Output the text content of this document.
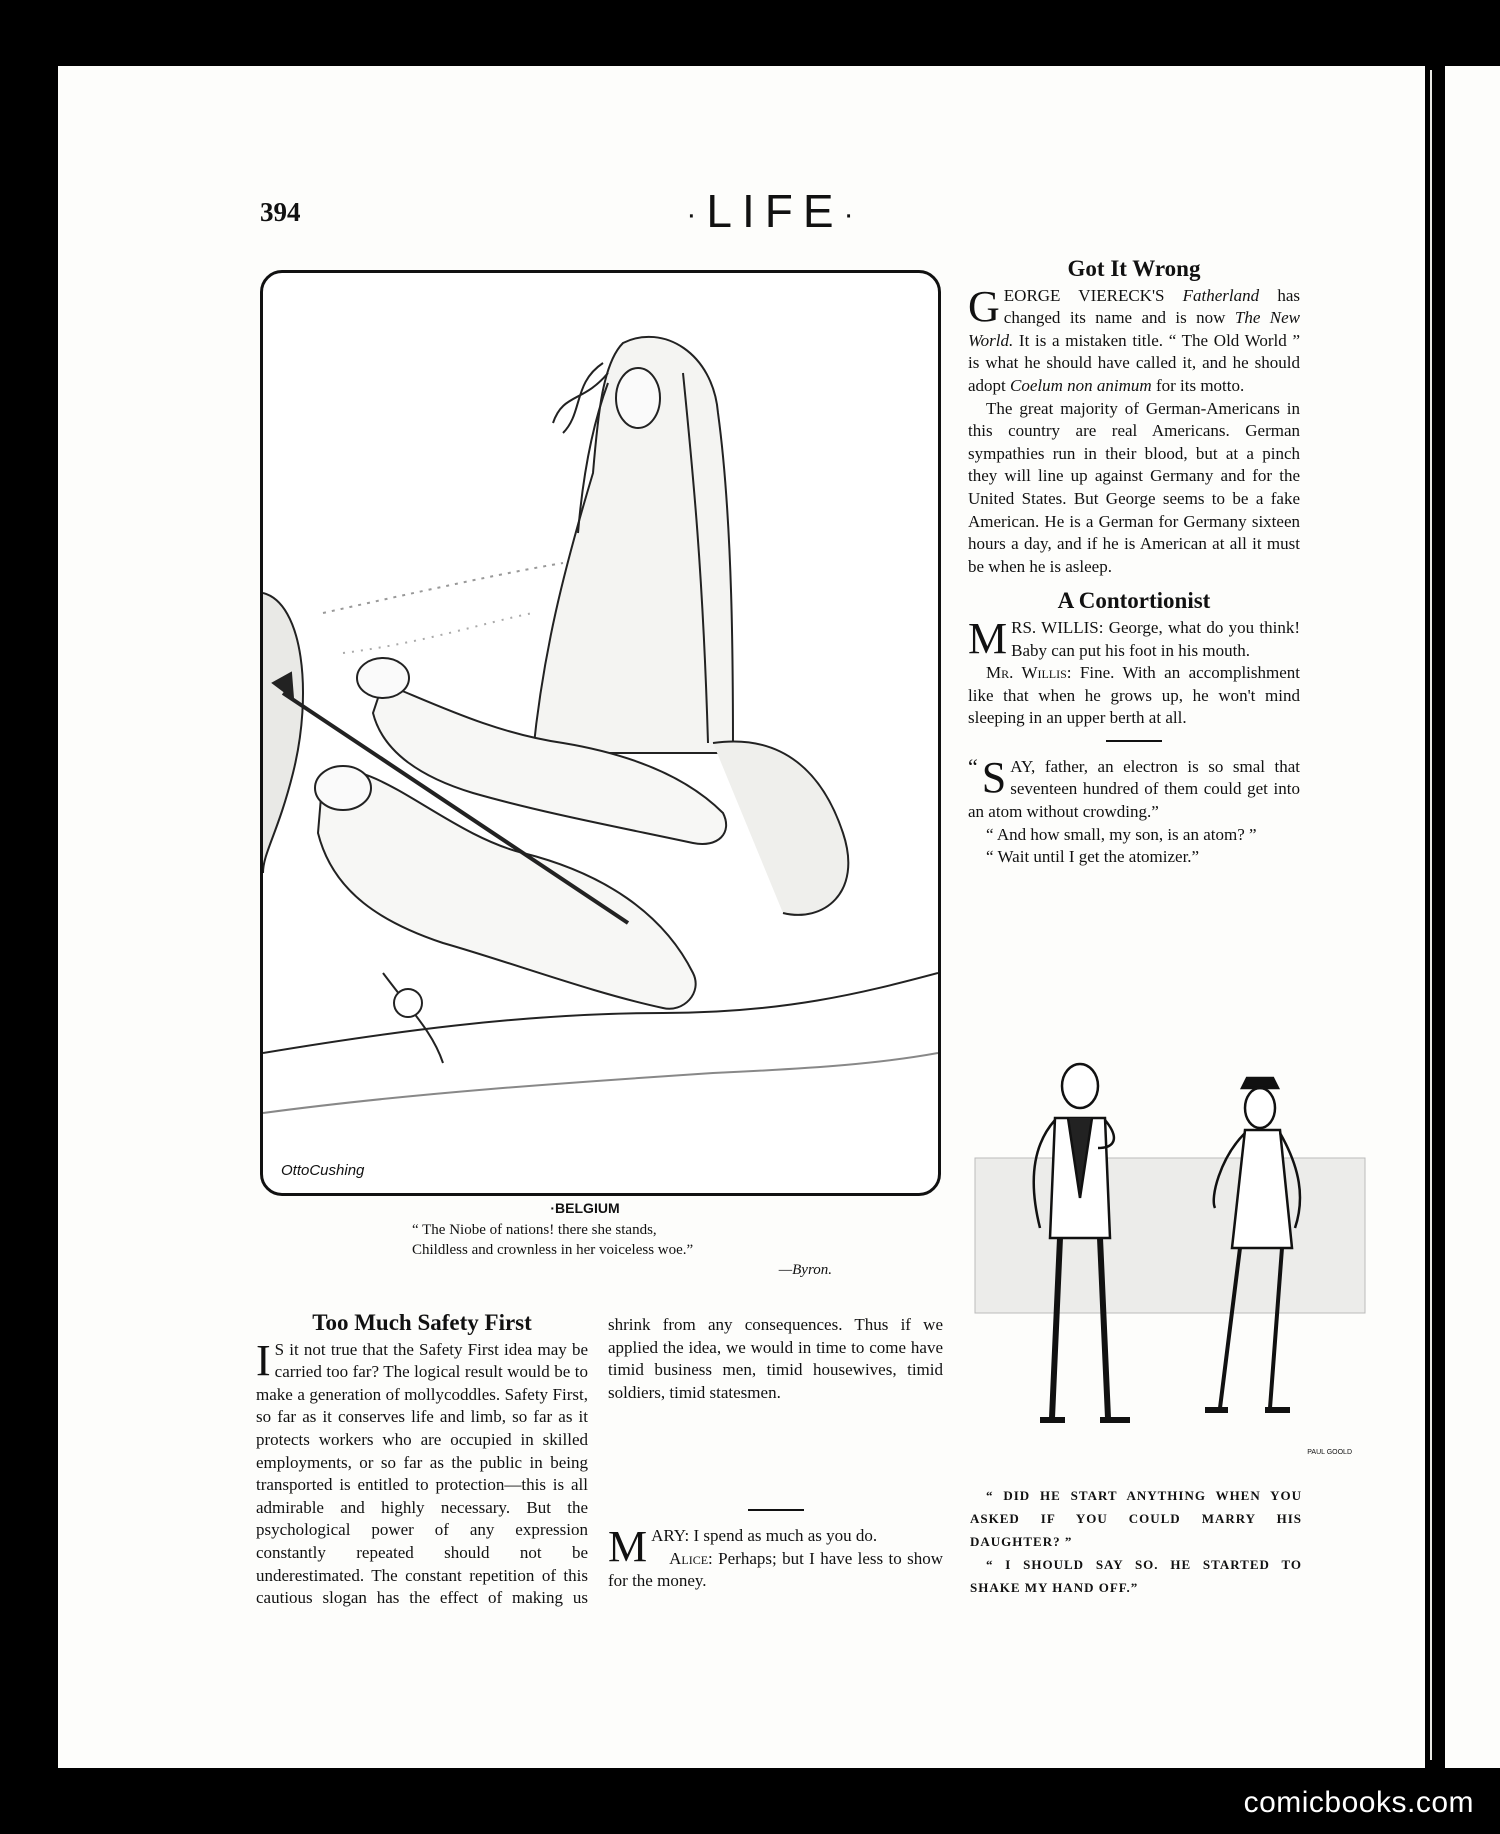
394	·LIFE·
OttoCushing
·BELGIUM
“ The Niobe of nations! there she stands,
Childless and crownless in her voiceless woe.”
—Byron.
Got It Wrong

GEORGE VIERECK'S Fatherland has changed its name and is now The New World. It is a mistaken title. “ The Old World ” is what he should have called it, and he should adopt Coelum non animum for its motto.

The great majority of German-Americans in this country are real Americans. German sympathies run in their blood, but at a pinch they will line up against Germany and for the United States. But George seems to be a fake American. He is a German for Germany sixteen hours a day, and if he is American at all it must be when he is asleep.

A Contortionist

MRS. WILLIS: George, what do you think! Baby can put his foot in his mouth.

Mr. Willis: Fine. With an accomplishment like that when he grows up, he won't mind sleeping in an upper berth at all.

“ S AY, father, an electron is so smal that seventeen hundred of them could get into an atom without crowding.”

“ And how small, my son, is an atom? ”

“ Wait until I get the atomizer.”

PAUL GOOLD

“ DID HE START ANYTHING WHEN YOU ASKED IF YOU COULD MARRY HIS DAUGHTER? ”

“ I SHOULD SAY SO. HE STARTED TO SHAKE MY HAND OFF.”

Too Much Safety First

I S it not true that the Safety First idea may be carried too far? The logical result would be to make a generation of mollycoddles. Safety First, so far as it conserves life and limb, so far as it protects workers who are occupied in skilled employments, or so far as the public in being transported is entitled to protection—this is all admirable and highly necessary. But the psychological power of any expression constantly repeated should not be underestimated. The constant repetition of this cautious slogan has the effect of making us

shrink from any consequences. Thus if we applied the idea, we would in time to come have timid business men, timid housewives, timid soldiers, timid statesmen.

MARY: I spend as much as you do.

Alice: Perhaps; but I have less to show for the money.

comicbooks.com
